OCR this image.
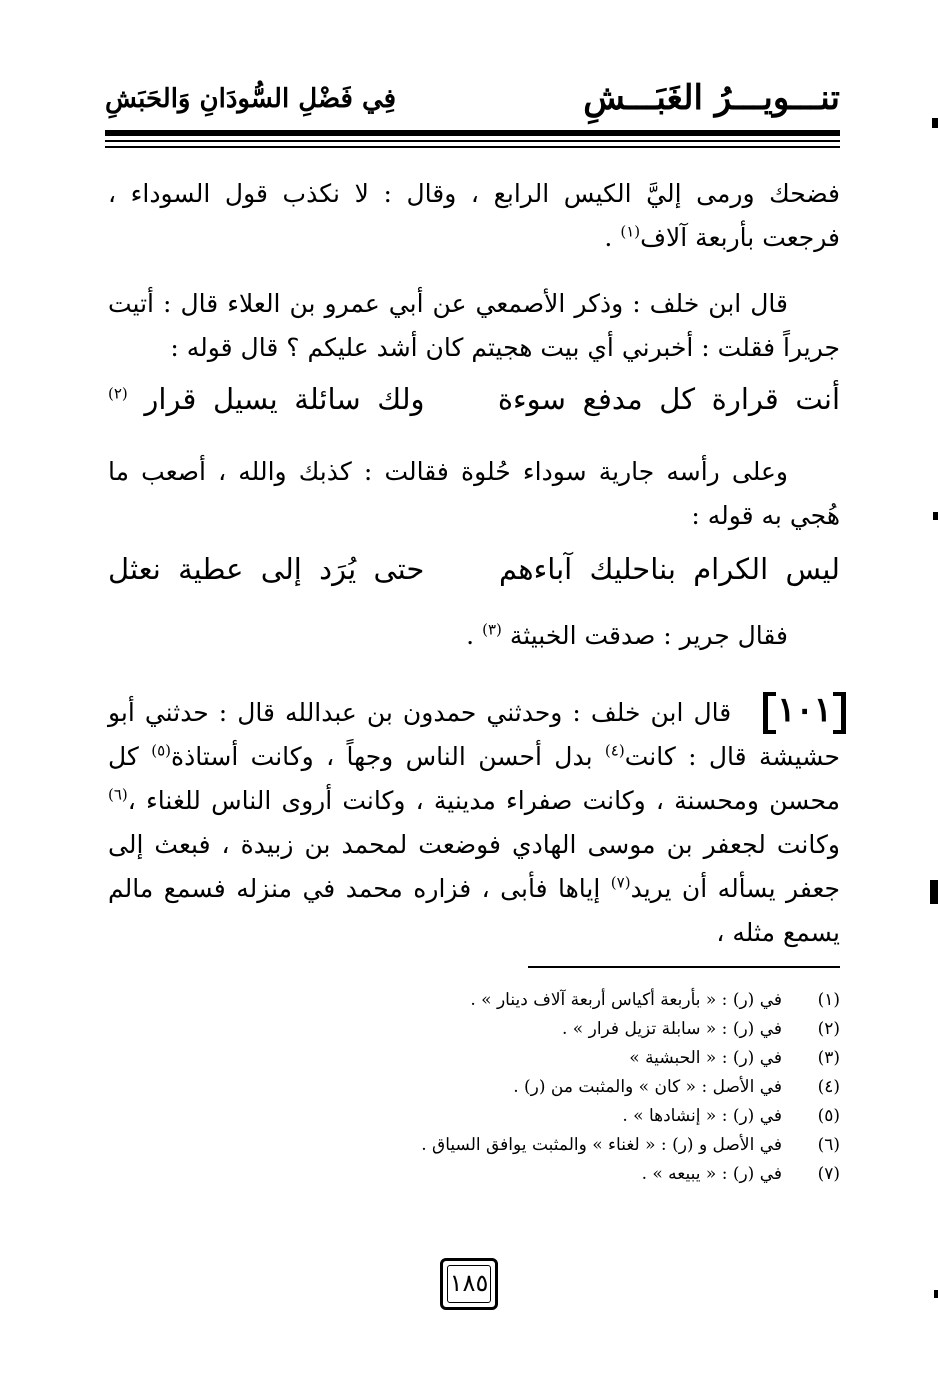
تنـــويـــرُ الغَبَـــشِ
فِي فَضْلِ السُّودَانِ وَالحَبَشِ

فضحك ورمى إليَّ الكيس الرابع ، وقال : لا نكذب قول السوداء ، فرجعت بأربعة آلاف$^{(١)}$ .

قال ابن خلف : وذكر الأصمعي عن أبي عمرو بن العلاء قال : أتيت جريراً فقلت : أخبرني أي بيت هجيتم كان أشد عليكم ؟ قال قوله :

أنت قرارة كل مدفع سوءة  ولك سائلة يسيل قرار $^{(٢)}$

وعلى رأسه جارية سوداء حُلوة فقالت : كذبك والله ، أصعب ما هُجي به قوله :

ليس الكرام بناحليك آباءهم  حتى يُرَد إلى عطية نعثل

فقال جرير : صدقت الخبيثة $^{(٣)}$ .

١٠١قال ابن خلف : وحدثني حمدون بن عبدالله قال : حدثني أبو حشيشة قال : كانت$^{(٤)}$ بدل أحسن الناس وجهاً ، وكانت أستاذة$^{(٥)}$ كل محسن ومحسنة ، وكانت صفراء مدينية ، وكانت أروى الناس للغناء ،$^{(٦)}$ وكانت لجعفر بن موسى الهادي فوضعت لمحمد بن زبيدة ، فبعث إلى جعفر يسأله أن يريد$^{(٧)}$ إياها فأبى ، فزاره محمد في منزله فسمع مالم يسمع مثله ،

(١)
في (ر) : « بأربعة أكياس أربعة آلاف دينار » .
(٢)
في (ر) : « سابلة تزيل فرار » .
(٣)
في (ر) : « الحبشية »
(٤)
في الأصل : « كان » والمثبت من (ر) .
(٥)
في (ر) : « إنشادها » .
(٦)
في الأصل و (ر) : « لغناء » والمثبت يوافق السياق .
(٧)
في (ر) : « يبيعه » .
١٨٥
